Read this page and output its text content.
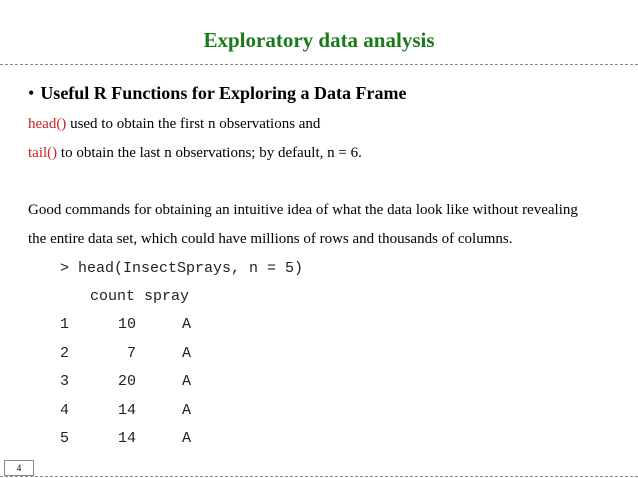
Exploratory data analysis
• Useful R Functions for Exploring a Data Frame
head() used to obtain the first n observations and
tail() to obtain the last n observations; by default, n = 6.
Good commands for obtaining an intuitive idea of what the data look like without revealing
the entire data set, which could have millions of rows and thousands of columns.
> head(InsectSprays, n = 5)
count spray
1	10	A
2	7	A
3	20	A
4	14	A
5	14	A
4
